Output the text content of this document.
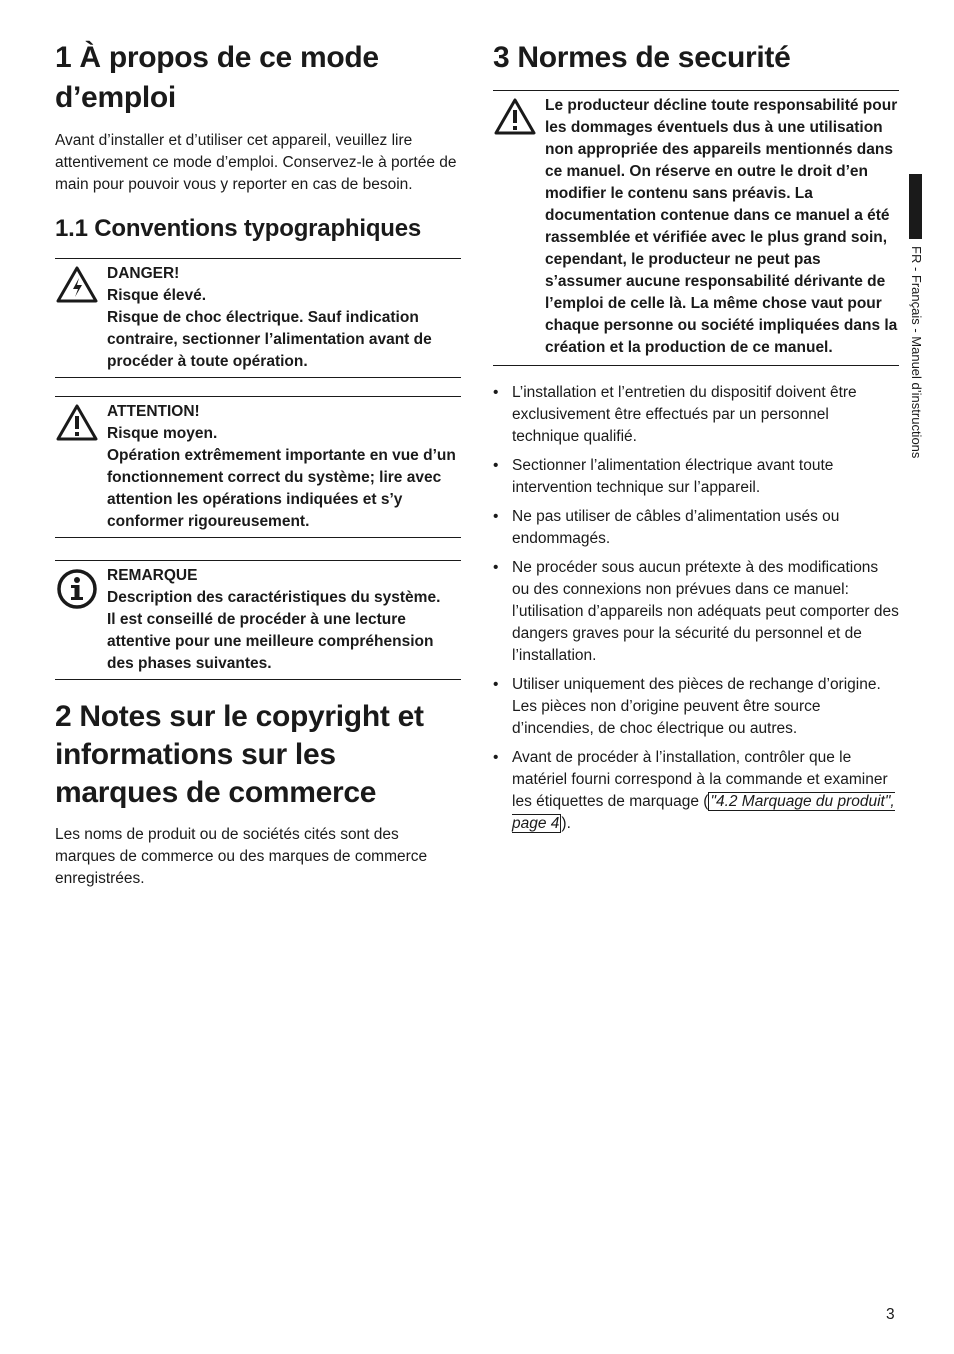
1 À propos de ce mode d’emploi

Avant d’installer et d’utiliser cet appareil, veuillez lire attentivement ce mode d’emploi. Conservez-le à portée de main pour pouvoir vous y reporter en cas de besoin.

1.1 Conventions typographiques
DANGER!
Risque élevé.
Risque de choc électrique. Sauf indication contraire, sectionner l’alimentation avant de procéder à toute opération.
ATTENTION!
Risque moyen.
Opération extrêmement importante en vue d’un fonctionnement correct du système; lire avec attention les opérations indiquées et s’y conformer rigoureusement.
REMARQUE
Description des caractéristiques du système.
Il est conseillé de procéder à une lecture attentive pour une meilleure compréhension des phases suivantes.
2 Notes sur le copyright et informations sur les marques de commerce

Les noms de produit ou de sociétés cités sont des marques de commerce ou des marques de commerce enregistrées.

3 Normes de securité
Le producteur décline toute responsabilité pour les dommages éventuels dus à une utilisation non appropriée des appareils mentionnés dans ce manuel. On réserve en outre le droit d’en modifier le contenu sans préavis. La documentation contenue dans ce manuel a été rassemblée et vérifiée avec le plus grand soin, cependant, le producteur ne peut pas s’assumer aucune responsabilité dérivante de l’emploi de celle là. La même chose vaut pour chaque personne ou société impliquées dans la création et la production de ce manuel.
• L’installation et l’entretien du dispositif doivent être exclusivement être effectués par un personnel technique qualifié.
• Sectionner l’alimentation électrique avant toute intervention technique sur l’appareil.
• Ne pas utiliser de câbles d’alimentation usés ou endommagés.
• Ne procéder sous aucun prétexte à des modifications ou des connexions non prévues dans ce manuel: l’utilisation d’appareils non adéquats peut comporter des dangers graves pour la sécurité du personnel et de l’installation.
• Utiliser uniquement des pièces de rechange d’origine. Les pièces non d’origine peuvent être source d’incendies, de choc électrique ou autres.
• Avant de procéder à l’installation, contrôler que le matériel fourni correspond à la commande et examiner les étiquettes de marquage ( "4.2 Marquage du produit", page 4 ).
FR - Français - Manuel d’instructions
3
